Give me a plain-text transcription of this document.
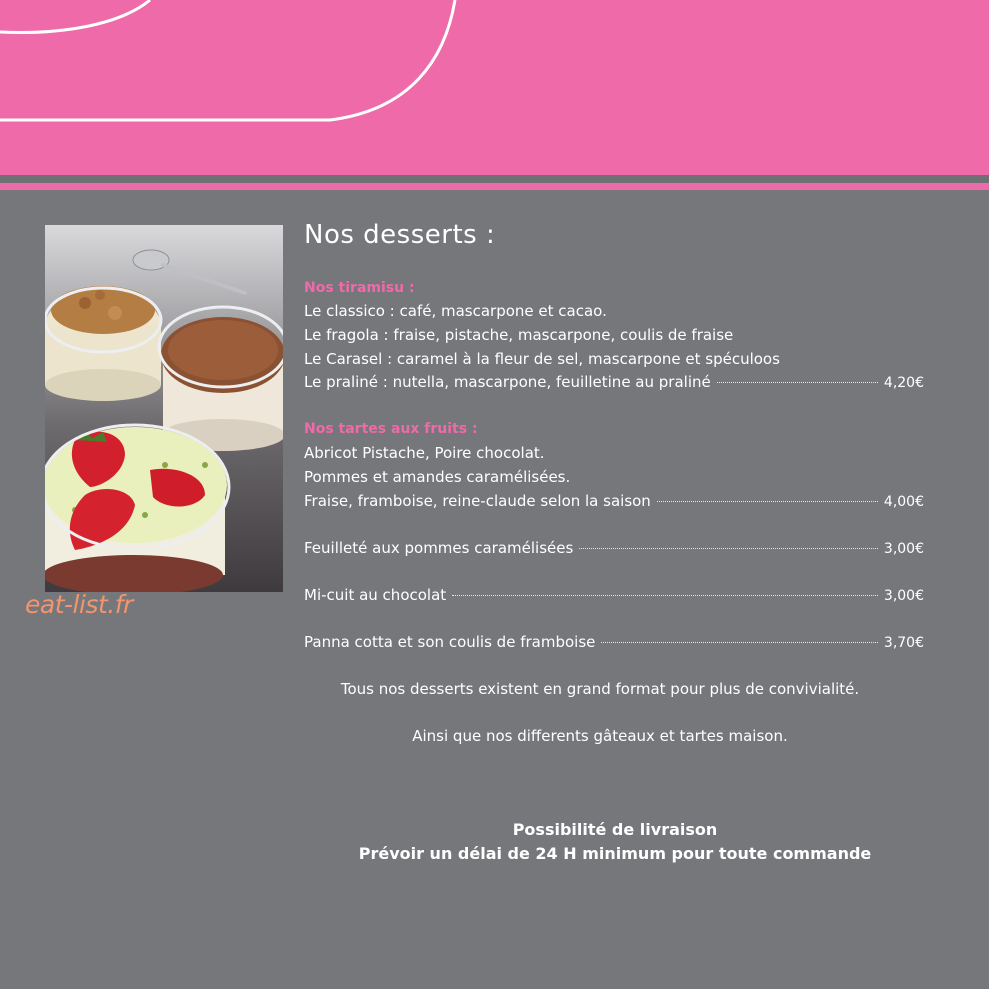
eat-list.fr
Nos desserts :
Nos tiramisu :
Le classico : café, mascarpone et cacao.
Le fragola : fraise, pistache, mascarpone, coulis de fraise
Le Carasel : caramel à la fleur de sel, mascarpone et spéculoos
Le praliné : nutella, mascarpone, feuilletine au praliné	4,20€
Nos tartes aux fruits :
Abricot Pistache, Poire chocolat.
Pommes et amandes caramélisées.
Fraise, framboise, reine-claude selon la saison	4,00€
Feuilleté aux pommes caramélisées	3,00€
Mi-cuit au chocolat	3,00€
Panna cotta et son coulis de framboise	3,70€
Tous nos desserts existent en grand format pour plus de convivialité.
Ainsi que nos differents gâteaux et tartes maison.
Possibilité de livraison
Prévoir un délai de 24 H minimum pour toute commande
